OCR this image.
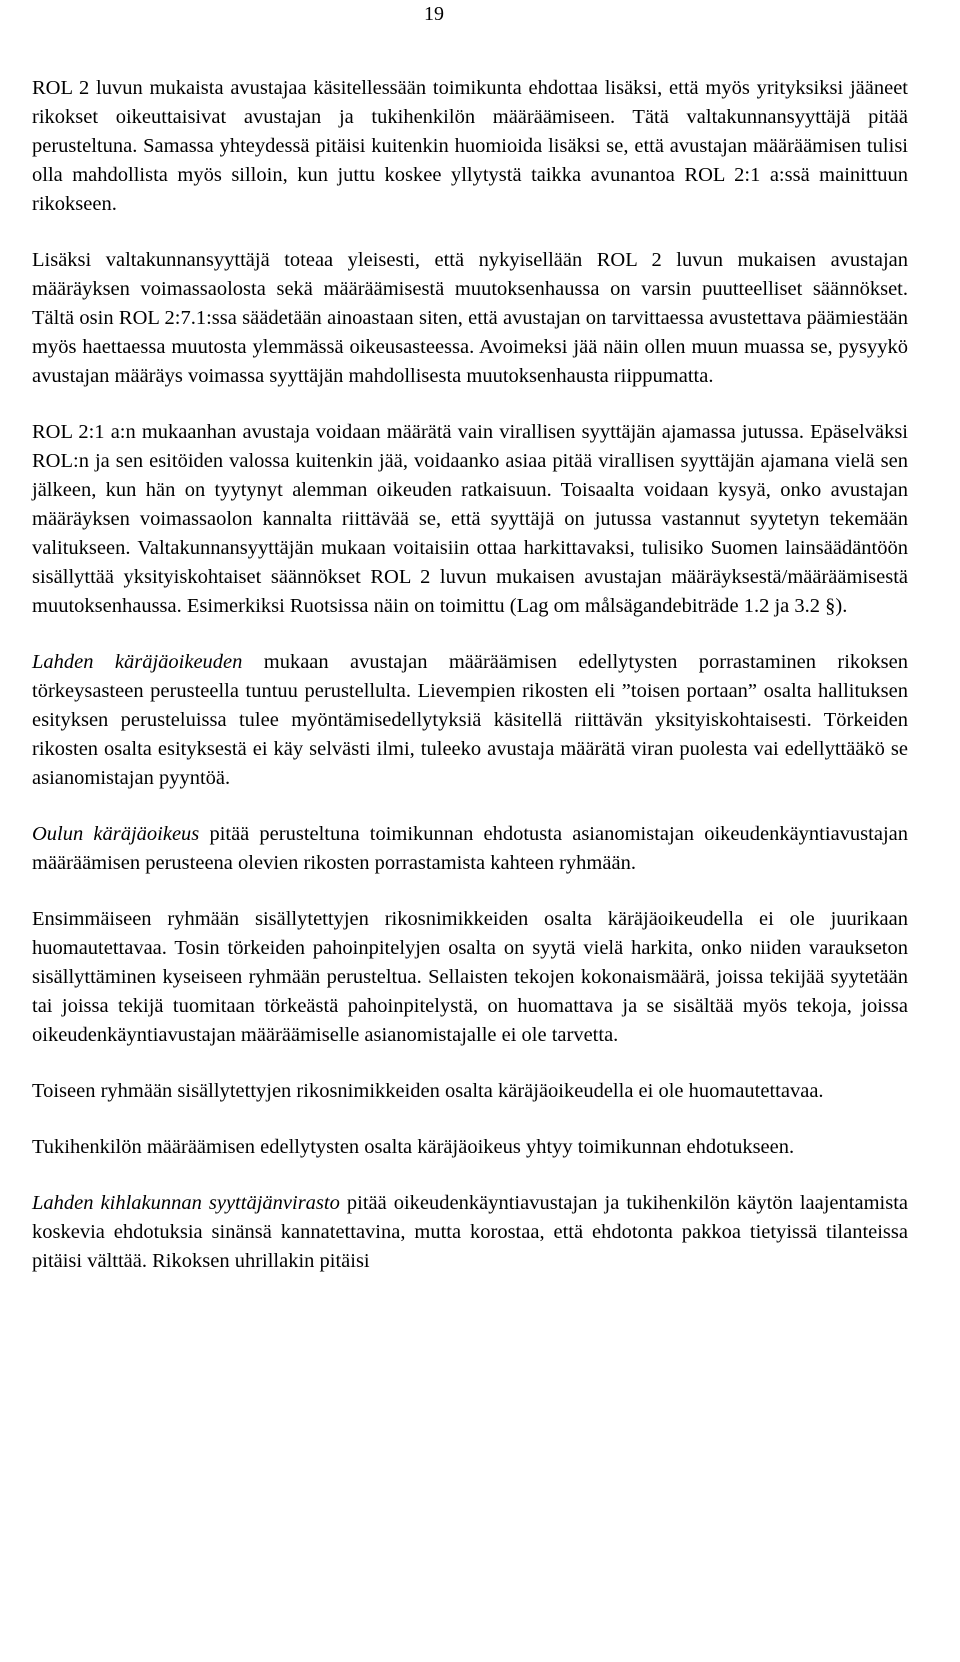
19

ROL 2 luvun mukaista avustajaa käsitellessään toimikunta ehdottaa lisäksi, että myös yrityksiksi jääneet rikokset oikeuttaisivat avustajan ja tukihenkilön määräämiseen. Tätä valtakunnansyyttäjä pitää perusteltuna. Samassa yhteydessä pitäisi kuitenkin huomioida lisäksi se, että avustajan määräämisen tulisi olla mahdollista myös silloin, kun juttu koskee yllytystä taikka avunantoa ROL 2:1 a:ssä mainittuun rikokseen.

Lisäksi valtakunnansyyttäjä toteaa yleisesti, että nykyisellään ROL 2 luvun mukaisen avustajan määräyksen voimassaolosta sekä määräämisestä muutoksenhaussa on varsin puutteelliset säännökset. Tältä osin ROL 2:7.1:ssa säädetään ainoastaan siten, että avustajan on tarvittaessa avustettava päämiestään myös haettaessa muutosta ylemmässä oikeusasteessa. Avoimeksi jää näin ollen muun muassa se, pysyykö avustajan määräys voimassa syyttäjän mahdollisesta muutoksenhausta riippumatta.

ROL 2:1 a:n mukaanhan avustaja voidaan määrätä vain virallisen syyttäjän ajamassa jutussa. Epäselväksi ROL:n ja sen esitöiden valossa kuitenkin jää, voidaanko asiaa pitää virallisen syyttäjän ajamana vielä sen jälkeen, kun hän on tyytynyt alemman oikeuden ratkaisuun. Toisaalta voidaan kysyä, onko avustajan määräyksen voimassaolon kannalta riittävää se, että syyttäjä on jutussa vastannut syytetyn tekemään valitukseen. Valtakunnansyyttäjän mukaan voitaisiin ottaa harkittavaksi, tulisiko Suomen lainsäädäntöön sisällyttää yksityiskohtaiset säännökset ROL 2 luvun mukaisen avustajan määräyksestä/määräämisestä muutoksenhaussa. Esimerkiksi Ruotsissa näin on toimittu (Lag om målsägandebiträde 1.2 ja 3.2 §).

Lahden käräjäoikeuden mukaan avustajan määräämisen edellytysten porrastaminen rikoksen törkeysasteen perusteella tuntuu perustellulta. Lievempien rikosten eli ”toisen portaan” osalta hallituksen esityksen perusteluissa tulee myöntämisedellytyksiä käsitellä riittävän yksityiskohtaisesti. Törkeiden rikosten osalta esityksestä ei käy selvästi ilmi, tuleeko avustaja määrätä viran puolesta vai edellyttääkö se asianomistajan pyyntöä.

Oulun käräjäoikeus pitää perusteltuna toimikunnan ehdotusta asianomistajan oikeudenkäyntiavustajan määräämisen perusteena olevien rikosten porrastamista kahteen ryhmään.

Ensimmäiseen ryhmään sisällytettyjen rikosnimikkeiden osalta käräjäoikeudella ei ole juurikaan huomautettavaa. Tosin törkeiden pahoinpitelyjen osalta on syytä vielä harkita, onko niiden varaukseton sisällyttäminen kyseiseen ryhmään perusteltua. Sellaisten tekojen kokonaismäärä, joissa tekijää syytetään tai joissa tekijä tuomitaan törkeästä pahoinpitelystä, on huomattava ja se sisältää myös tekoja, joissa oikeudenkäyntiavustajan määräämiselle asianomistajalle ei ole tarvetta.

Toiseen ryhmään sisällytettyjen rikosnimikkeiden osalta käräjäoikeudella ei ole huomautettavaa.

Tukihenkilön määräämisen edellytysten osalta käräjäoikeus yhtyy toimikunnan ehdotukseen.

Lahden kihlakunnan syyttäjänvirasto pitää oikeudenkäyntiavustajan ja tukihenkilön käytön laajentamista koskevia ehdotuksia sinänsä kannatettavina, mutta korostaa, että ehdotonta pakkoa tietyissä tilanteissa pitäisi välttää. Rikoksen uhrillakin pitäisi
